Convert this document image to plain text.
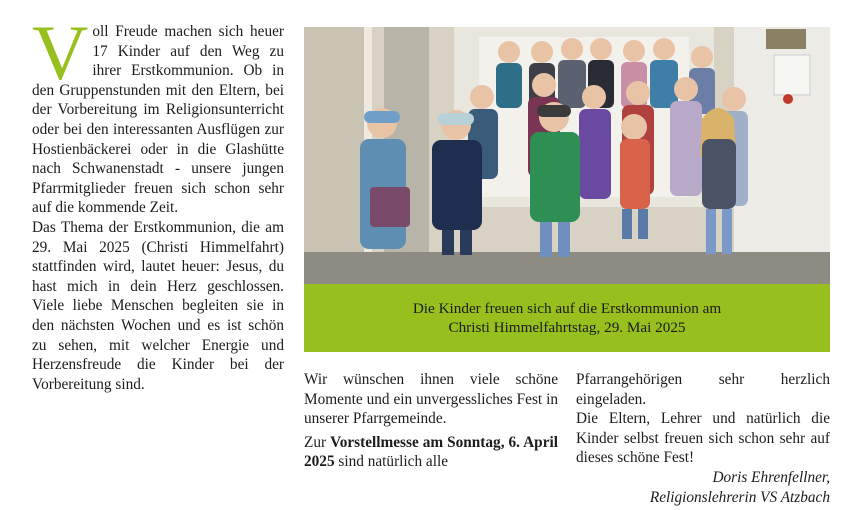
Voll Freude machen sich heuer 17 Kinder auf den Weg zu ihrer Erstkommunion. Ob in den Gruppenstunden mit den Eltern, bei der Vorbereitung im Religionsunterricht oder bei den interessanten Ausflügen zur Hostienbäckerei oder in die Glashütte nach Schwanenstadt - unsere jungen Pfarrmitglieder freuen sich schon sehr auf die kommende Zeit.

Das Thema der Erstkommunion, die am 29. Mai 2025 (Christi Himmelfahrt) stattfinden wird, lautet heuer: Jesus, du hast mich in dein Herz geschlossen. Viele liebe Menschen begleiten sie in den nächsten Wochen und es ist schön zu sehen, mit welcher Energie und Herzensfreude die Kinder bei der Vorbereitung sind.

Die Kinder freuen sich auf die Erstkommunion am
Christi Himmelfahrtstag, 29. Mai 2025

Wir wünschen ihnen viele schöne Momente und ein unvergessliches Fest in unserer Pfarrgemeinde.

Zur Vorstellmesse am Sonntag, 6. April 2025 sind natürlich alle

Pfarrangehörigen sehr herzlich eingeladen.

Die Eltern, Lehrer und natürlich die Kinder selbst freuen sich schon sehr auf dieses schöne Fest!

Doris Ehrenfellner,

Religionslehrerin VS Atzbach
